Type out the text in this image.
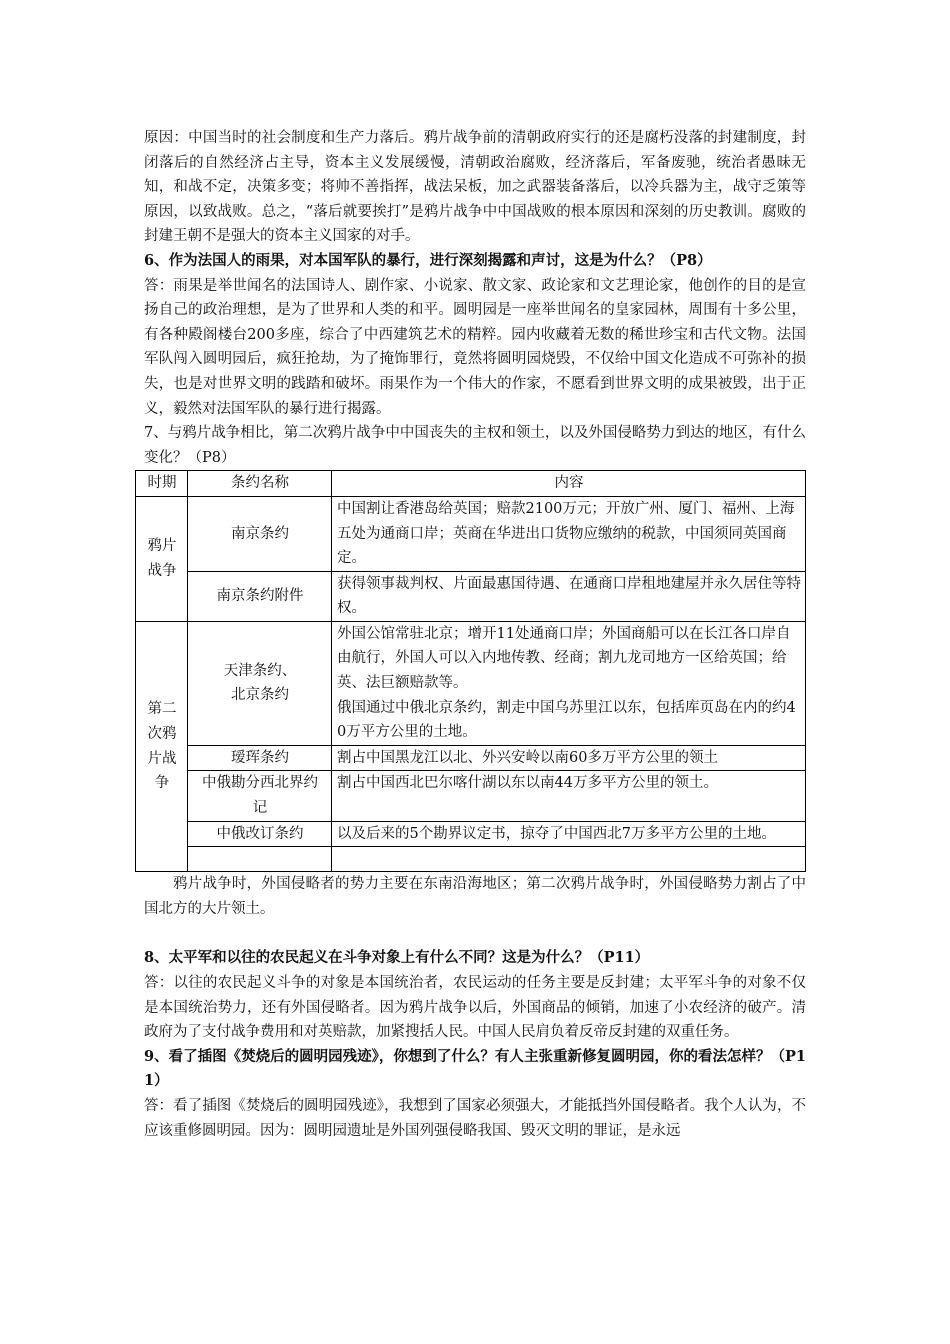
原因：中国当时的社会制度和生产力落后。鸦片战争前的清朝政府实行的还是腐朽没落的封建制度，封闭落后的自然经济占主导，资本主义发展缓慢，清朝政治腐败，经济落后，军备废驰，统治者愚昧无知，和战不定，决策多变；将帅不善指挥，战法呆板，加之武器装备落后，以冷兵器为主，战守乏策等原因，以致战败。总之，“落后就要挨打”是鸦片战争中中国战败的根本原因和深刻的历史教训。腐败的封建王朝不是强大的资本主义国家的对手。

6、作为法国人的雨果，对本国军队的暴行，进行深刻揭露和声讨，这是为什么？（P8）

答：雨果是举世闻名的法国诗人、剧作家、小说家、散文家、政论家和文艺理论家，他创作的目的是宣扬自己的政治理想，是为了世界和人类的和平。圆明园是一座举世闻名的皇家园林，周围有十多公里，有各种殿阁楼台200多座，综合了中西建筑艺术的精粹。园内收藏着无数的稀世珍宝和古代文物。法国军队闯入圆明园后，疯狂抢劫，为了掩饰罪行，竟然将圆明园烧毁，不仅给中国文化造成不可弥补的损失，也是对世界文明的践踏和破坏。雨果作为一个伟大的作家，不愿看到世界文明的成果被毁，出于正义，毅然对法国军队的暴行进行揭露。

7、与鸦片战争相比，第二次鸦片战争中中国丧失的主权和领土，以及外国侵略势力到达的地区，有什么变化？（P8）

时期	条约名称	内容
鸦片战争	南京条约	中国割让香港岛给英国；赔款2100万元；开放广州、厦门、福州、上海五处为通商口岸；英商在华进出口货物应缴纳的税款，中国须同英国商定。
	南京条约附件	获得领事裁判权、片面最惠国待遇、在通商口岸租地建屋并永久居住等特权。
第二次鸦片战争	天津条约、北京条约	外国公馆常驻北京；增开11处通商口岸；外国商船可以在长江各口岸自由航行，外国人可以入内地传教、经商；割九龙司地方一区给英国；给英、法巨额赔款等。
俄国通过中俄北京条约，割走中国乌苏里江以东，包括库页岛在内的约40万平方公里的土地。

	瑷珲条约	割占中国黑龙江以北、外兴安岭以南60多万平方公里的领土
	中俄勘分西北界约记	割占中国西北巴尔喀什湖以东以南44万多平方公里的领土。
	中俄改订条约	以及后来的5个勘界议定书，掠夺了中国西北7万多平方公里的土地。

鸦片战争时，外国侵略者的势力主要在东南沿海地区；第二次鸦片战争时，外国侵略势力割占了中国北方的大片领土。

8、太平军和以往的农民起义在斗争对象上有什么不同？这是为什么？（P11）

答：以往的农民起义斗争的对象是本国统治者，农民运动的任务主要是反封建；太平军斗争的对象不仅是本国统治势力，还有外国侵略者。因为鸦片战争以后，外国商品的倾销，加速了小农经济的破产。清政府为了支付战争费用和对英赔款，加紧搜括人民。中国人民肩负着反帝反封建的双重任务。

9、看了插图《焚烧后的圆明园残迹》，你想到了什么？有人主张重新修复圆明园，你的看法怎样？（P11）

答：看了插图《焚烧后的圆明园残迹》，我想到了国家必须强大，才能抵挡外国侵略者。我个人认为，不应该重修圆明园。因为：圆明园遗址是外国列强侵略我国、毁灭文明的罪证，是永远
